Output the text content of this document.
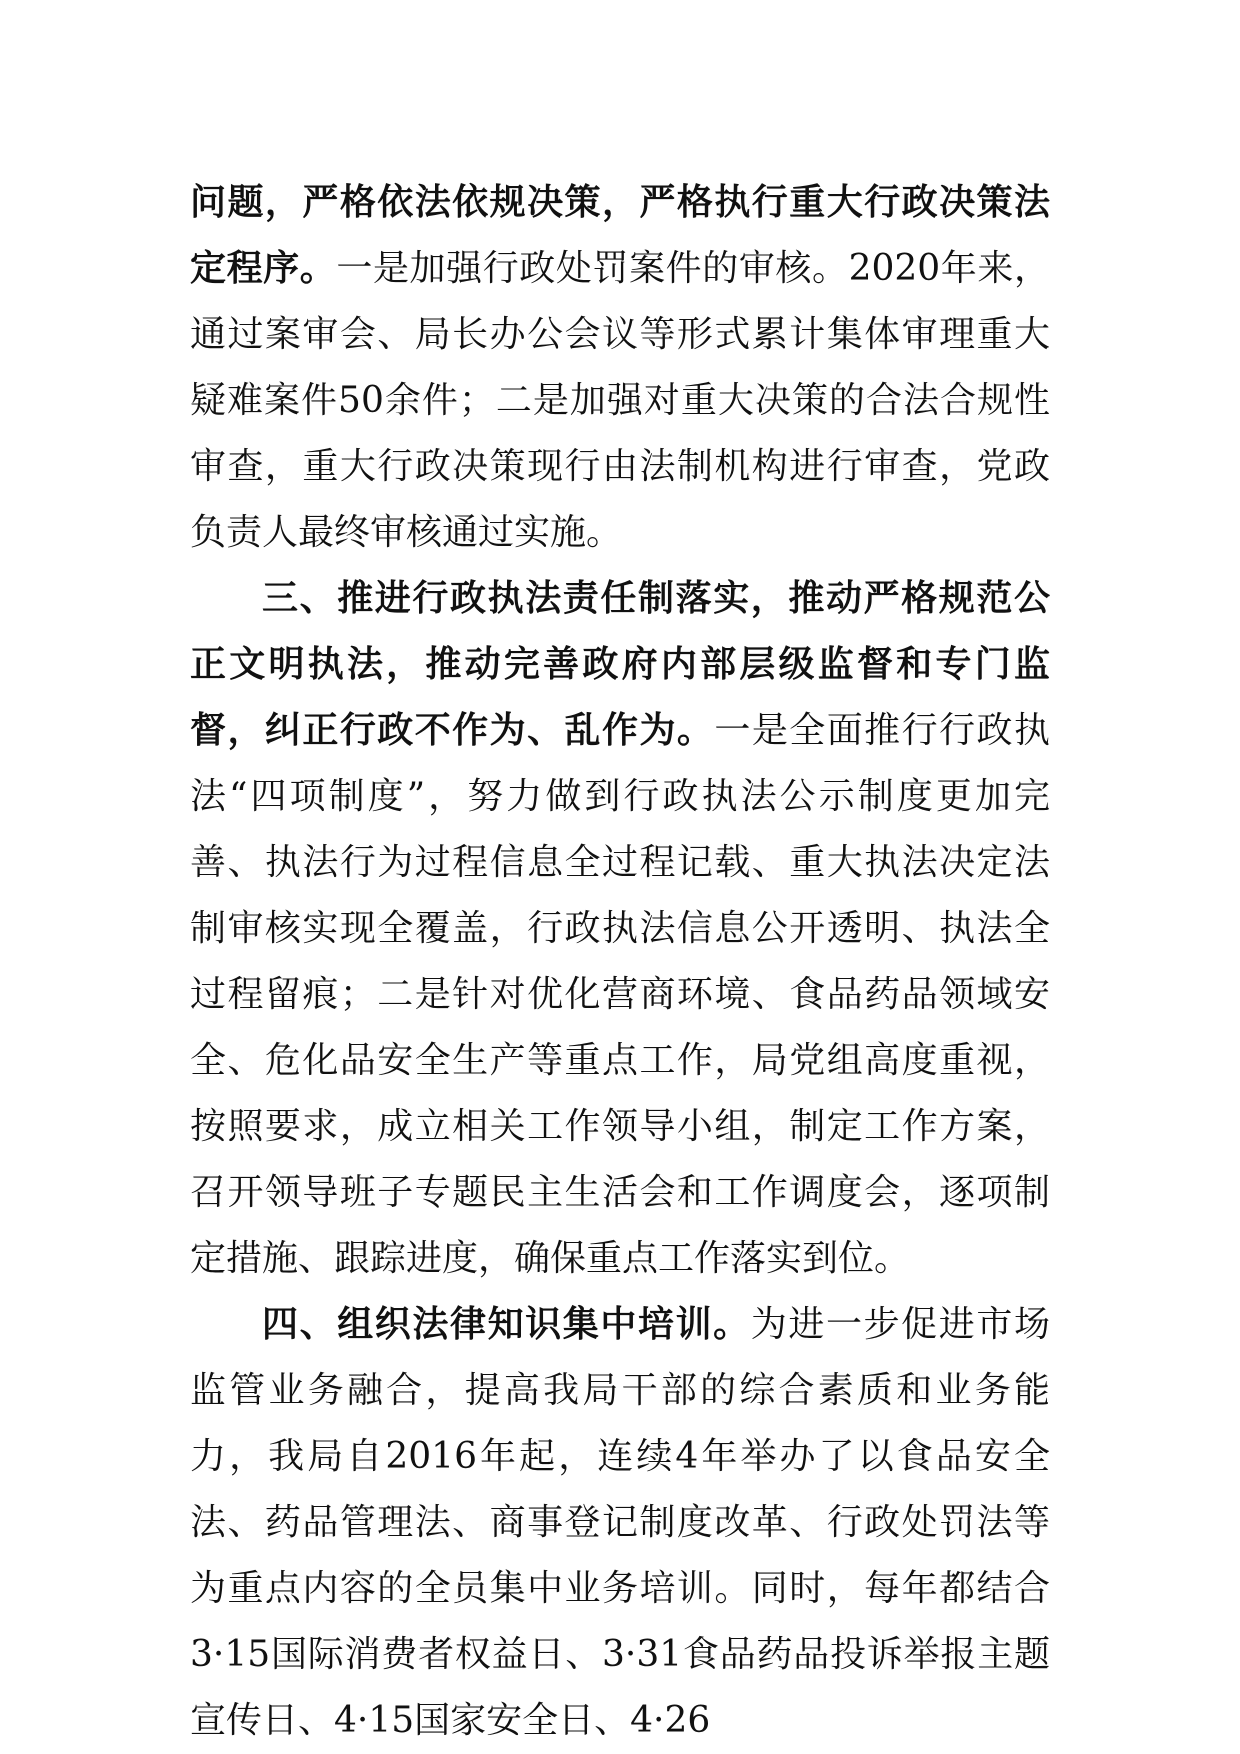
问题，严格依法依规决策，严格执行重大行政决策法定程序。一是加强行政处罚案件的审核。2020年来，通过案审会、局长办公会议等形式累计集体审理重大疑难案件50余件；二是加强对重大决策的合法合规性审查，重大行政决策现行由法制机构进行审查，党政负责人最终审核通过实施。

三、推进行政执法责任制落实，推动严格规范公正文明执法，推动完善政府内部层级监督和专门监督，纠正行政不作为、乱作为。一是全面推行行政执法“四项制度”，努力做到行政执法公示制度更加完善、执法行为过程信息全过程记载、重大执法决定法制审核实现全覆盖，行政执法信息公开透明、执法全过程留痕；二是针对优化营商环境、食品药品领域安全、危化品安全生产等重点工作，局党组高度重视，按照要求，成立相关工作领导小组，制定工作方案，召开领导班子专题民主生活会和工作调度会，逐项制定措施、跟踪进度，确保重点工作落实到位。

四、组织法律知识集中培训。为进一步促进市场监管业务融合，提高我局干部的综合素质和业务能力，我局自2016年起，连续4年举办了以食品安全法、药品管理法、商事登记制度改革、行政处罚法等为重点内容的全员集中业务培训。同时，每年都结合3·15国际消费者权益日、3·31食品药品投诉举报主题宣传日、4·15国家安全日、4·26
